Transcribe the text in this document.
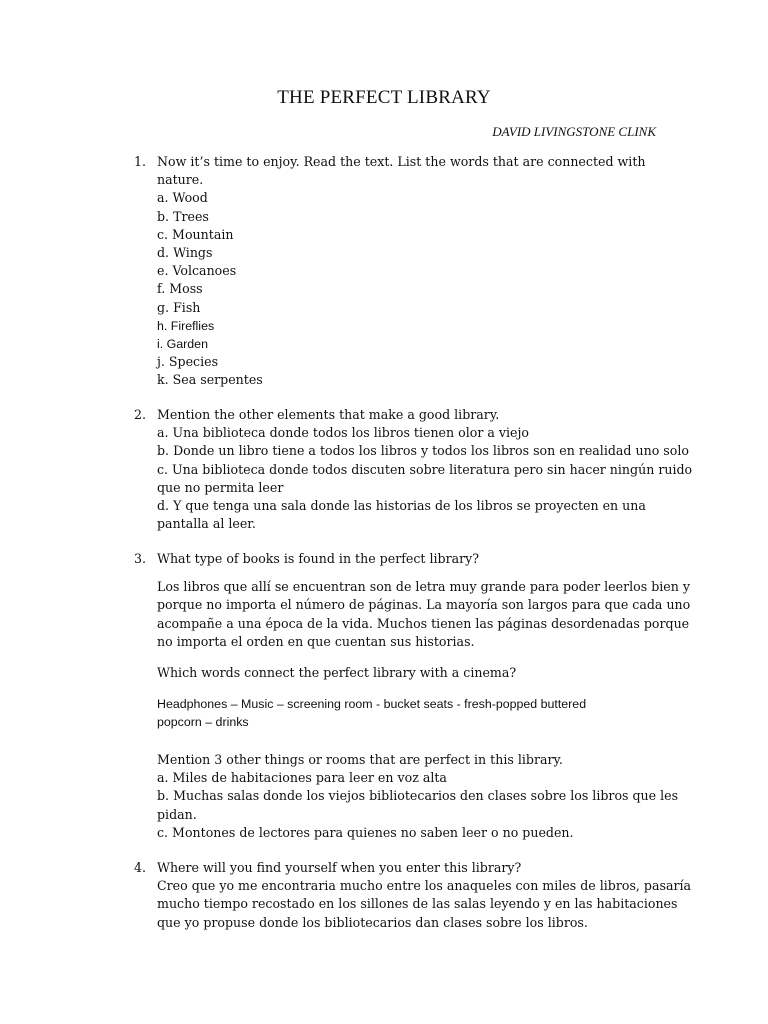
THE PERFECT LIBRARY
DAVID LIVINGSTONE CLINK
1. Now it’s time to enjoy. Read the text. List the words that are connected with
nature.
a. Wood
b. Trees
c. Mountain
d. Wings
e. Volcanoes
f. Moss
g. Fish
h. Fireflies
i. Garden
j. Species
k. Sea serpentes
2. Mention the other elements that make a good library.
a. Una biblioteca donde todos los libros tienen olor a viejo
b. Donde un libro tiene a todos los libros y todos los libros son en realidad uno solo
c. Una biblioteca donde todos discuten sobre literatura pero sin hacer ningún ruido
que no permita leer
d. Y que tenga una sala donde las historias de los libros se proyecten en una
pantalla al leer.
3. What type of books is found in the perfect library?
Los libros que allí se encuentran son de letra muy grande para poder leerlos bien y
porque no importa el número de páginas. La mayoría son largos para que cada uno
acompañe a una época de la vida. Muchos tienen las páginas desordenadas porque
no importa el orden en que cuentan sus historias.
Which words connect the perfect library with a cinema?
Headphones – Music – screening room - bucket seats - fresh-popped buttered
popcorn – drinks
Mention 3 other things or rooms that are perfect in this library.
a. Miles de habitaciones para leer en voz alta
b. Muchas salas donde los viejos bibliotecarios den clases sobre los libros que les
pidan.
c. Montones de lectores para quienes no saben leer o no pueden.
4. Where will you find yourself when you enter this library?
Creo que yo me encontraria mucho entre los anaqueles con miles de libros, pasaría
mucho tiempo recostado en los sillones de las salas leyendo y en las habitaciones
que yo propuse donde los bibliotecarios dan clases sobre los libros.
